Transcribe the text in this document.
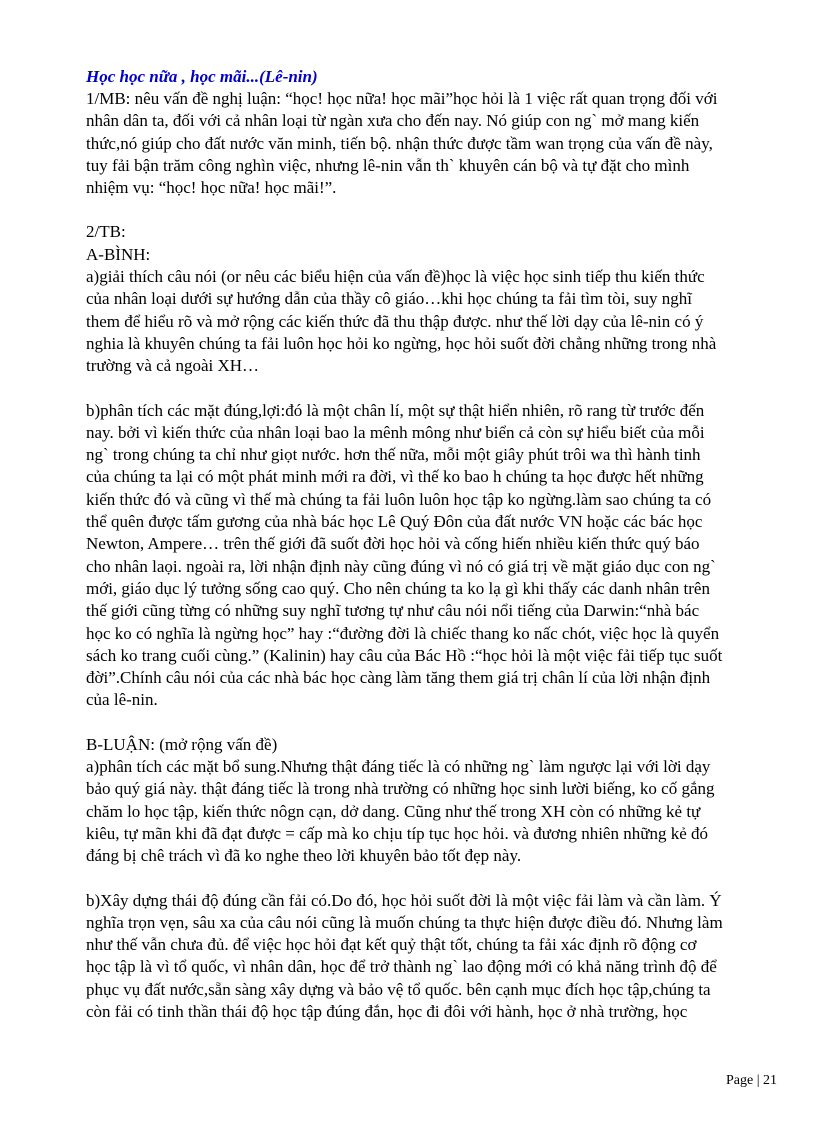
Học học nữa , học mãi...(Lê-nin)

1/MB: nêu vấn đề nghị luận: “học! học nữa! học mãi”học hỏi là 1 việc rất quan trọng đối với
nhân dân ta, đối với cả nhân loại từ ngàn xưa cho đến nay. Nó giúp con ng` mở mang kiến
thức,nó giúp cho đất nước văn minh, tiến bộ. nhận thức được tầm wan trọng của vấn đề này,
tuy fải bận trăm công nghìn việc, nhưng lê-nin vẫn th` khuyên cán bộ và tự đặt cho mình
nhiệm vụ: “học! học nữa! học mãi!”.
2/TB:
A-BÌNH:
a)giải thích câu nói (or nêu các biểu hiện của vấn đề)học là việc học sinh tiếp thu kiến thức
của nhân loại dưới sự hướng dẫn của thầy cô giáo…khi học chúng ta fải tìm tòi, suy nghĩ
them để hiểu rõ và mở rộng các kiến thức đã thu thập được. như thế lời dạy của lê-nin có ý
nghia là khuyên chúng ta fải luôn học hỏi ko ngừng, học hỏi suốt đời chẳng những trong nhà
trường và cả ngoài XH…
b)phân tích các mặt đúng,lợi:đó là một chân lí, một sự thật hiển nhiên, rõ rang từ trước đến
nay. bởi vì kiến thức của nhân loại bao la mênh mông như biển cả còn sự hiểu biết của mỗi
ng` trong chúng ta chỉ như giọt nước. hơn thế nữa, mỗi một giây phút trôi wa thì hành tinh
của chúng ta lại có một phát minh mới ra đời, vì thế ko bao h chúng ta học được hết những
kiến thức đó và cũng vì thế mà chúng ta fải luôn luôn học tập ko ngừng.làm sao chúng ta có
thể quên được tấm gương của nhà bác học Lê Quý Đôn của đất nước VN hoặc các bác học
Newton, Ampere… trên thế giới đã suốt đời học hỏi và cống hiến nhiều kiến thức quý báo
cho nhân laọi. ngoài ra, lời nhận định này cũng đúng vì nó có giá trị về mặt giáo dục con ng`
mới, giáo dục lý tưởng sống cao quý. Cho nên chúng ta ko lạ gì khi thấy các danh nhân trên
thế giới cũng từng có những suy nghĩ tương tự như câu nói nổi tiếng của Darwin:“nhà bác
học ko có nghĩa là ngừng học” hay :“đường đời là chiếc thang ko nấc chót, việc học là quyển
sách ko trang cuối cùng.” (Kalinin) hay câu của Bác Hồ :“học hỏi là một việc fải tiếp tục suốt
đời”.Chính câu nói của các nhà bác học càng làm tăng them giá trị chân lí của lời nhận định
của lê-nin.
B-LUẬN: (mở rộng vấn đề)
a)phân tích các mặt bổ sung.Nhưng thật đáng tiếc là có những ng` làm ngược lại với lời dạy
bảo quý giá này. thật đáng tiếc là trong nhà trường có những học sinh lười biếng, ko cố gắng
chăm lo học tập, kiến thức nôgn cạn, dở dang. Cũng như thế trong XH còn có những kẻ tự
kiêu, tự mãn khi đã đạt được = cấp mà ko chịu típ tục học hỏi. và đương nhiên những kẻ đó
đáng bị chê trách vì đã ko nghe theo lời khuyên bảo tốt đẹp này.
b)Xây dựng thái độ đúng cần fải có.Do đó, học hỏi suốt đời là một việc fải làm và cần làm. Ý
nghĩa trọn vẹn, sâu xa của câu nói cũng là muốn chúng ta thực hiện được điều đó. Nhưng làm
như thế vẫn chưa đủ. để việc học hỏi đạt kết quỷ thật tốt, chúng ta fải xác định rõ động cơ
học tập là vì tổ quốc, vì nhân dân, học để trở thành ng` lao động mới có khả năng trình độ để
phục vụ đất nước,sẵn sàng xây dựng và bảo vệ tổ quốc. bên cạnh mục đích học tập,chúng ta
còn fải có tinh thần thái độ học tập đúng đắn, học đi đôi với hành, học ở nhà trường, học
Page | 21
